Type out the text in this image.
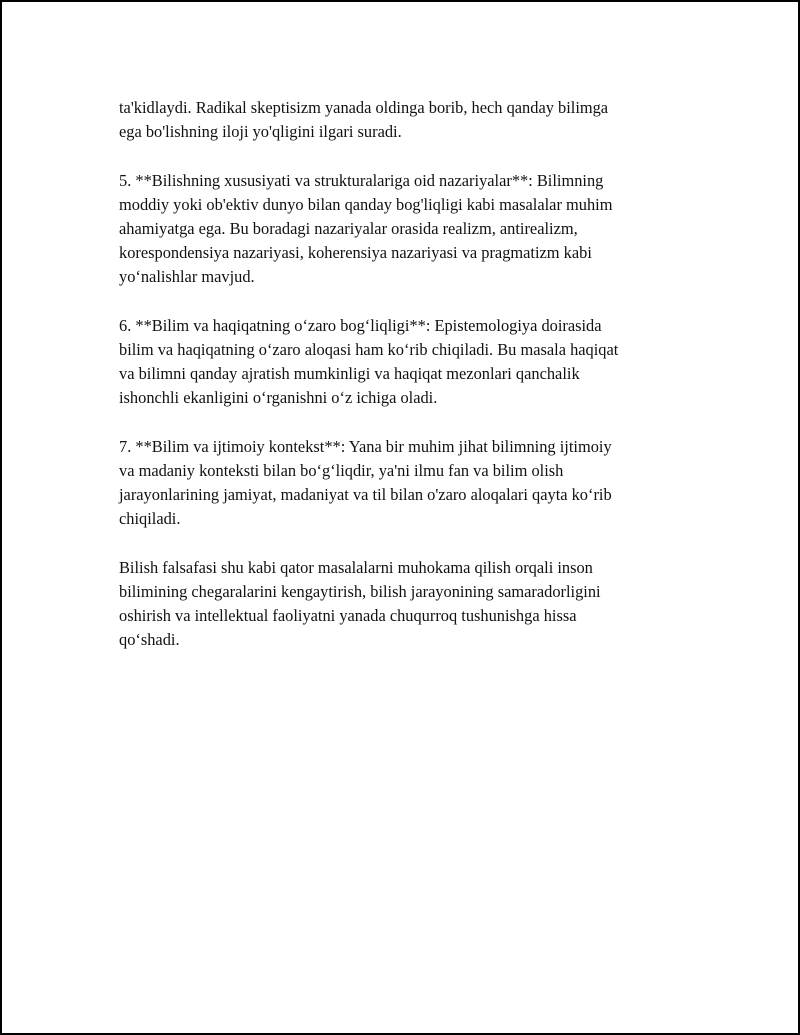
ta'kidlaydi. Radikal skeptisizm yanada oldinga borib, hech qanday bilimga
ega bo'lishning iloji yo'qligini ilgari suradi.

5. **Bilishning xususiyati va strukturalariga oid nazariyalar**: Bilimning
moddiy yoki ob'ektiv dunyo bilan qanday bog'liqligi kabi masalalar muhim
ahamiyatga ega. Bu boradagi nazariyalar orasida realizm, antirealizm,
korespondensiya nazariyasi, koherensiya nazariyasi va pragmatizm kabi
yo‘nalishlar mavjud.

6. **Bilim va haqiqatning o‘zaro bog‘liqligi**: Epistemologiya doirasida
bilim va haqiqatning o‘zaro aloqasi ham ko‘rib chiqiladi. Bu masala haqiqat
va bilimni qanday ajratish mumkinligi va haqiqat mezonlari qanchalik
ishonchli ekanligini o‘rganishni o‘z ichiga oladi.

7. **Bilim va ijtimoiy kontekst**: Yana bir muhim jihat bilimning ijtimoiy
va madaniy konteksti bilan bo‘g‘liqdir, ya'ni ilmu fan va bilim olish
jarayonlarining jamiyat, madaniyat va til bilan o'zaro aloqalari qayta ko‘rib
chiqiladi.

Bilish falsafasi shu kabi qator masalalarni muhokama qilish orqali inson
bilimining chegaralarini kengaytirish, bilish jarayonining samaradorligini
oshirish va intellektual faoliyatni yanada chuqurroq tushunishga hissa
qo‘shadi.
